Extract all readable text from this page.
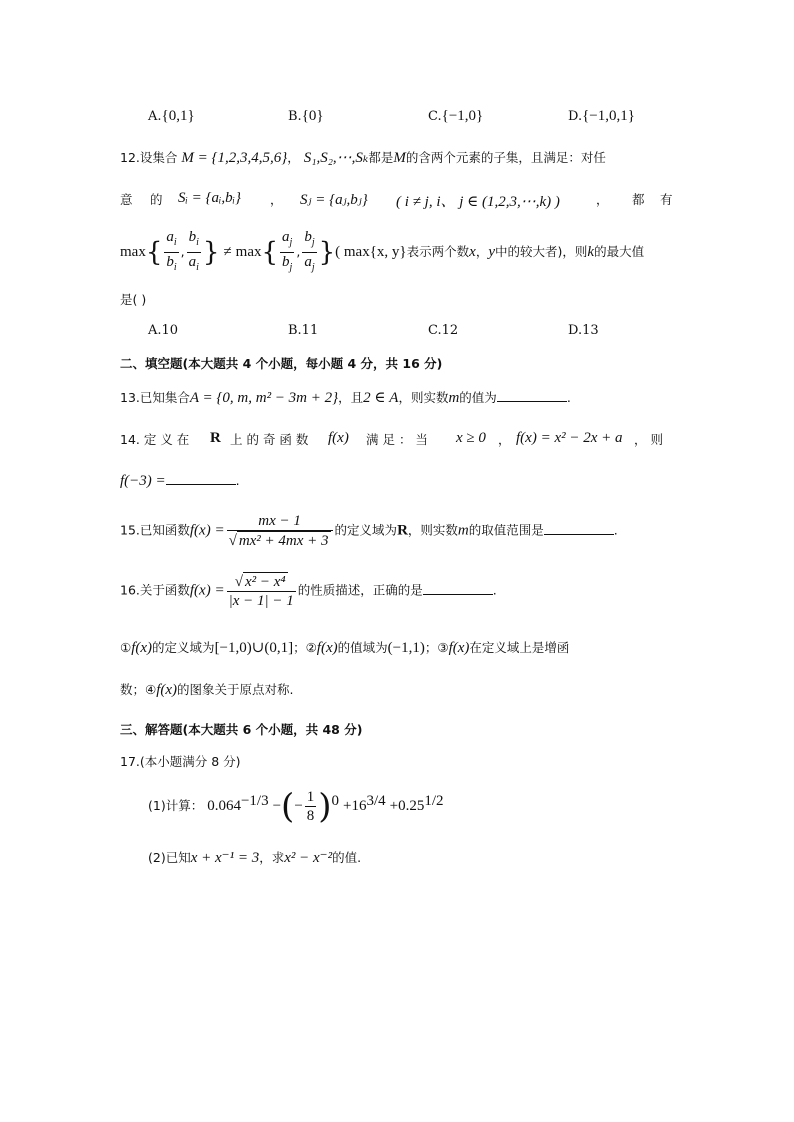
A.{0,1}	B.{0}	C.{−1,0}	D.{−1,0,1}
12.设集合 M = {1,2,3,4,5,6}， S₁,S₂,⋯,Sₖ都是M的含两个元素的子集，且满足：对任
意 的 Sᵢ = {aᵢ,bᵢ} ， Sⱼ = {aⱼ,bⱼ} ( i ≠ j, i、 j ∈ (1,2,3,⋯,k) )	， 都 有
$\max\{ \frac{a_i}{b_i}$ , $\frac{b_i}{a_i}$ } ≠ $\max\{ \frac{a_j}{b_j}$ , $\frac{b_j}{a_j}$ }( max{x, y}表示两个数x，y中的较大者)，则k的最大值
是( )
A.10	B.11	C.12	D.13
二、填空题(本大题共 4 个小题，每小题 4 分，共 16 分)
13.已知集合A = {0, m, m² − 3m + 2}，且2 ∈ A，则实数m的值为	.
14. 定 义 在 R 上 的 奇 函 数 f(x) 满 足 ： 当 x ≥ 0 ， f(x) = x² − 2x + a ， 则
f(−3) =	.
15.已知函数$f(x) = \frac{mx - 1}{\text{√ mx² + 4mx + 3}}$ 的定义域为R，则实数m的取值范围是	.
16.关于函数$f(x) = \frac{\text{√ x² − x⁴}}{|x - 1| - 1}$ 的性质描述，正确的是	.
①f(x)的定义域为[−1,0)∪(0,1]；②f(x)的值域为(−1,1)；③f(x)在定义域上是增函
数；④f(x)的图象关于原点对称.
三、解答题(本大题共 6 个小题，共 48 分)
17.(本小题满分 8 分)
(1)计算： $0.064^{-1/3}$ −(− $\frac{1}{8} )^0 +16^{3/4} +0.25^{1/2}$
(2)已知x + x⁻¹ = 3，求x² − x⁻²的值.
